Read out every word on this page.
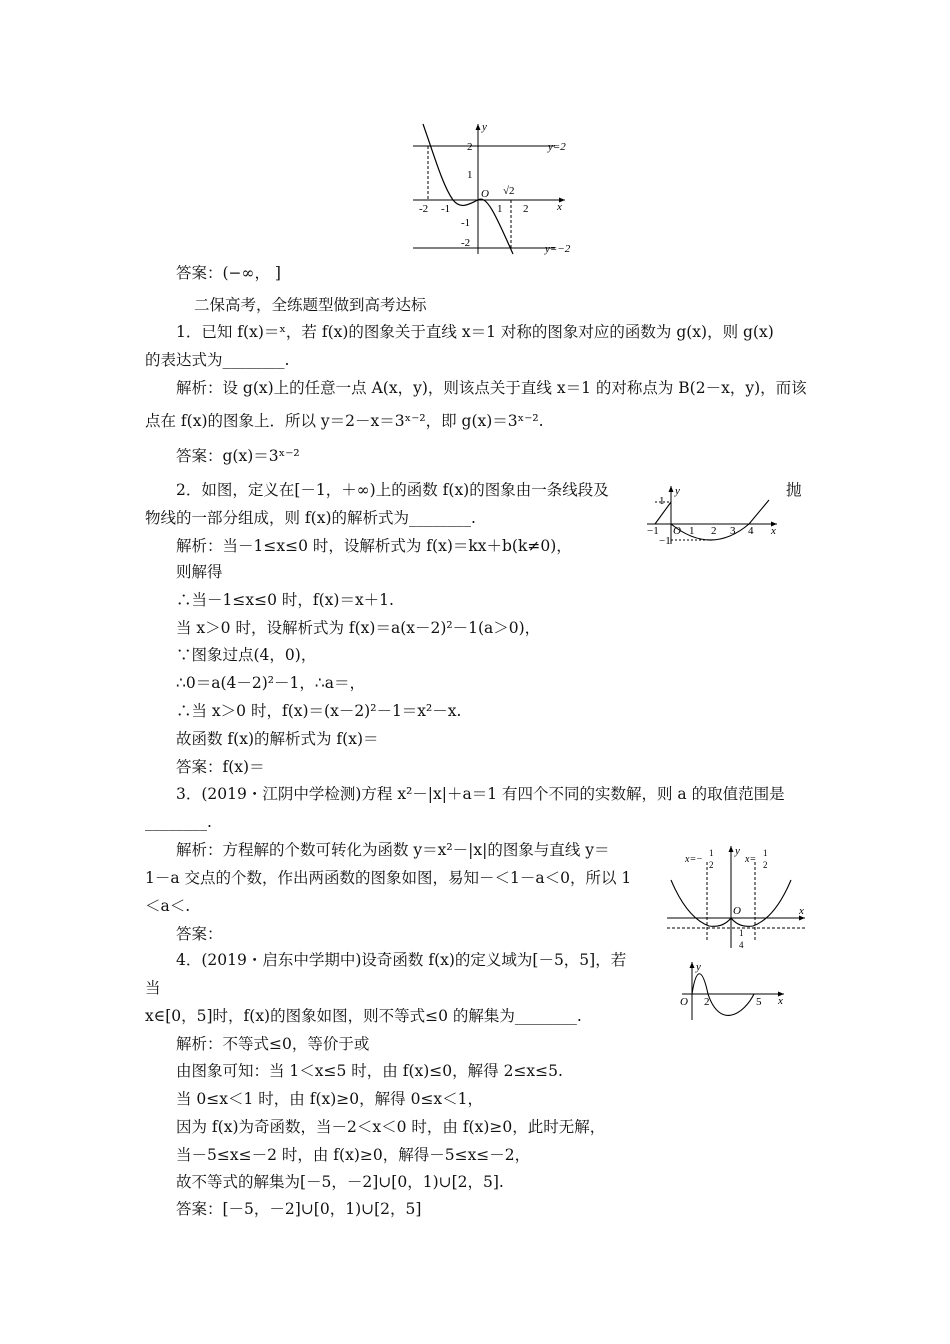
2
1
-1
-2
-2 -1	1 2
O √2
y=2
y=−2
x
y
1
−1
−1	1 2 3 4
O	x
y
x=−
1
2	x=
1
2
1
4
O	x
y
2	5
O	x
y
答案：(−∞， ]
二保高考，全练题型做到高考达标
1．已知 f(x)＝ˣ，若 f(x)的图象关于直线 x＝1 对称的图象对应的函数为 g(x)，则 g(x)
的表达式为________.
解析：设 g(x)上的任意一点 A(x，y)，则该点关于直线 x＝1 的对称点为 B(2－x，y)，而该
点在 f(x)的图象上．所以 y＝2－x＝3ˣ⁻²，即 g(x)＝3ˣ⁻².
答案：g(x)＝3ˣ⁻²
2．如图，定义在[－1，＋∞)上的函数 f(x)的图象由一条线段及	抛
物线的一部分组成，则 f(x)的解析式为________.
解析：当－1≤x≤0 时，设解析式为 f(x)＝kx＋b(k≠0)，
则解得
∴当－1≤x≤0 时，f(x)＝x＋1.
当 x＞0 时，设解析式为 f(x)＝a(x－2)²－1(a＞0)，
∵图象过点(4，0)，
∴0＝a(4－2)²－1，∴a＝，
∴当 x＞0 时，f(x)＝(x－2)²－1＝x²－x.
故函数 f(x)的解析式为 f(x)＝
答案：f(x)＝
3．(2019・江阴中学检测)方程 x²－|x|＋a＝1 有四个不同的实数解，则 a 的取值范围是
________.
解析：方程解的个数可转化为函数 y＝x²－|x|的图象与直线 y＝
1－a 交点的个数，作出两函数的图象如图，易知－＜1－a＜0，所以 1
＜a＜.
答案：
4．(2019・启东中学期中)设奇函数 f(x)的定义域为[－5，5]，若
当
x∈[0，5]时，f(x)的图象如图，则不等式≤0 的解集为________.
解析：不等式≤0，等价于或
由图象可知：当 1＜x≤5 时，由 f(x)≤0，解得 2≤x≤5.
当 0≤x＜1 时，由 f(x)≥0，解得 0≤x＜1，
因为 f(x)为奇函数，当－2＜x＜0 时，由 f(x)≥0，此时无解，
当－5≤x≤－2 时，由 f(x)≥0，解得－5≤x≤－2，
故不等式的解集为[－5，－2]∪[0，1)∪[2，5].
答案：[－5，－2]∪[0，1)∪[2，5]
